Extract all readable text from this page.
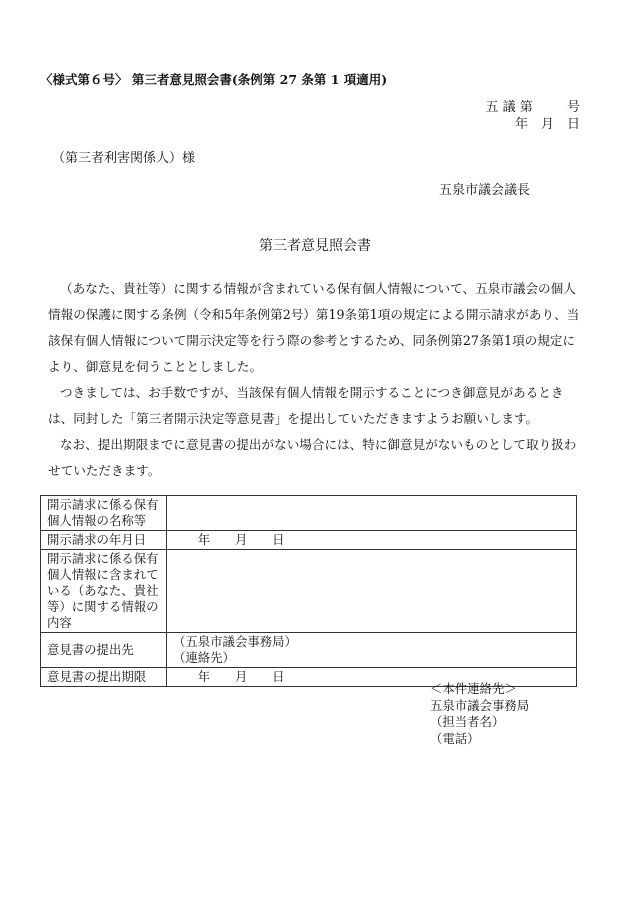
〈様式第６号〉 第三者意見照会書(条例第 27 条第 1 項適用)
五 議 第 　　 号
年　月　日
（第三者利害関係人）様
五泉市議会議長
第三者意見照会書
（あなた、貴社等）に関する情報が含まれている保有個人情報について、五泉市議会の個人情報の保護に関する条例（令和5年条例第2号）第19条第1項の規定による開示請求があり、当該保有個人情報について開示決定等を行う際の参考とするため、同条例第27条第1項の規定により、御意見を伺うこととしました。
つきましては、お手数ですが、当該保有個人情報を開示することにつき御意見があるときは、同封した「第三者開示決定等意見書」を提出していただきますようお願いします。
なお、提出期限までに意見書の提出がない場合には、特に御意見がないものとして取り扱わせていただきます。
開示請求に係る保有個人情報の名称等	
開示請求の年月日	　　年　　月　　日
開示請求に係る保有個人情報に含まれている（あなた、貴社等）に関する情報の内容	
意見書の提出先	（五泉市議会事務局）
（連絡先）

意見書の提出期限	　　年　　月　　日
＜本件連絡先＞
五泉市議会事務局
（担当者名）
（電話）
